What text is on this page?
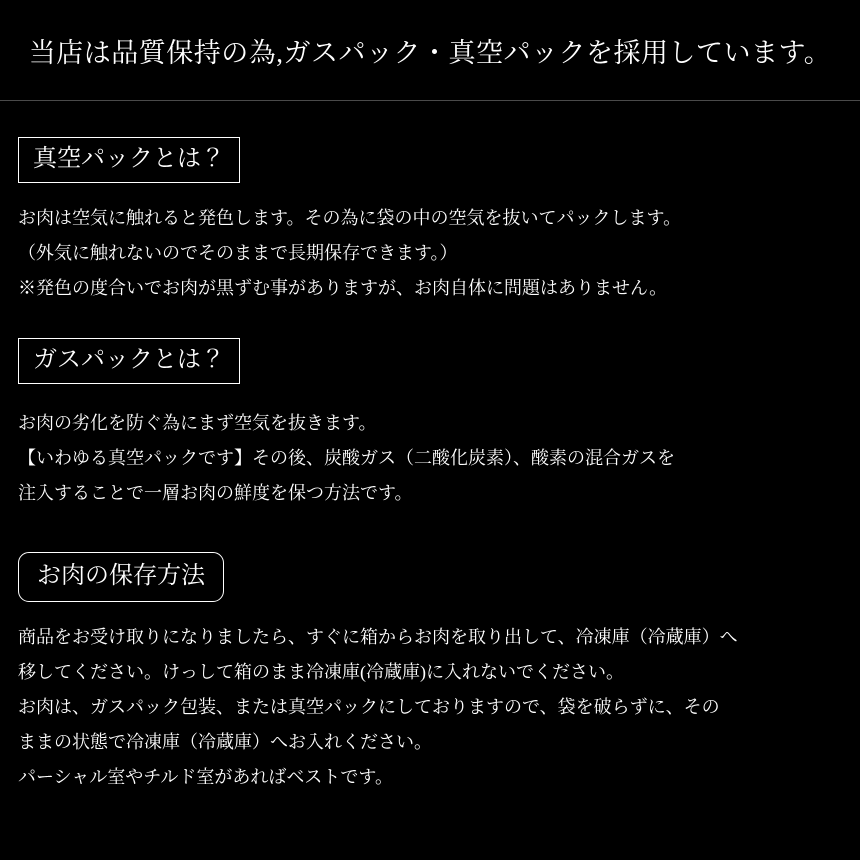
当店は品質保持の為,ガスパック・真空パックを採用しています。
真空パックとは？
お肉は空気に触れると発色します。その為に袋の中の空気を抜いてパックします。
（外気に触れないのでそのままで長期保存できます。）
※発色の度合いでお肉が黒ずむ事がありますが、お肉自体に問題はありません。
ガスパックとは？
お肉の劣化を防ぐ為にまず空気を抜きます。
【いわゆる真空パックです】その後、炭酸ガス（二酸化炭素）、酸素の混合ガスを
注入することで一層お肉の鮮度を保つ方法です。
お肉の保存方法
商品をお受け取りになりましたら、すぐに箱からお肉を取り出して、冷凍庫（冷蔵庫）へ
移してください。けっして箱のまま冷凍庫(冷蔵庫)に入れないでください。
お肉は、ガスパック包装、または真空パックにしておりますので、袋を破らずに、その
ままの状態で冷凍庫（冷蔵庫）へお入れください。
パーシャル室やチルド室があればベストです。
